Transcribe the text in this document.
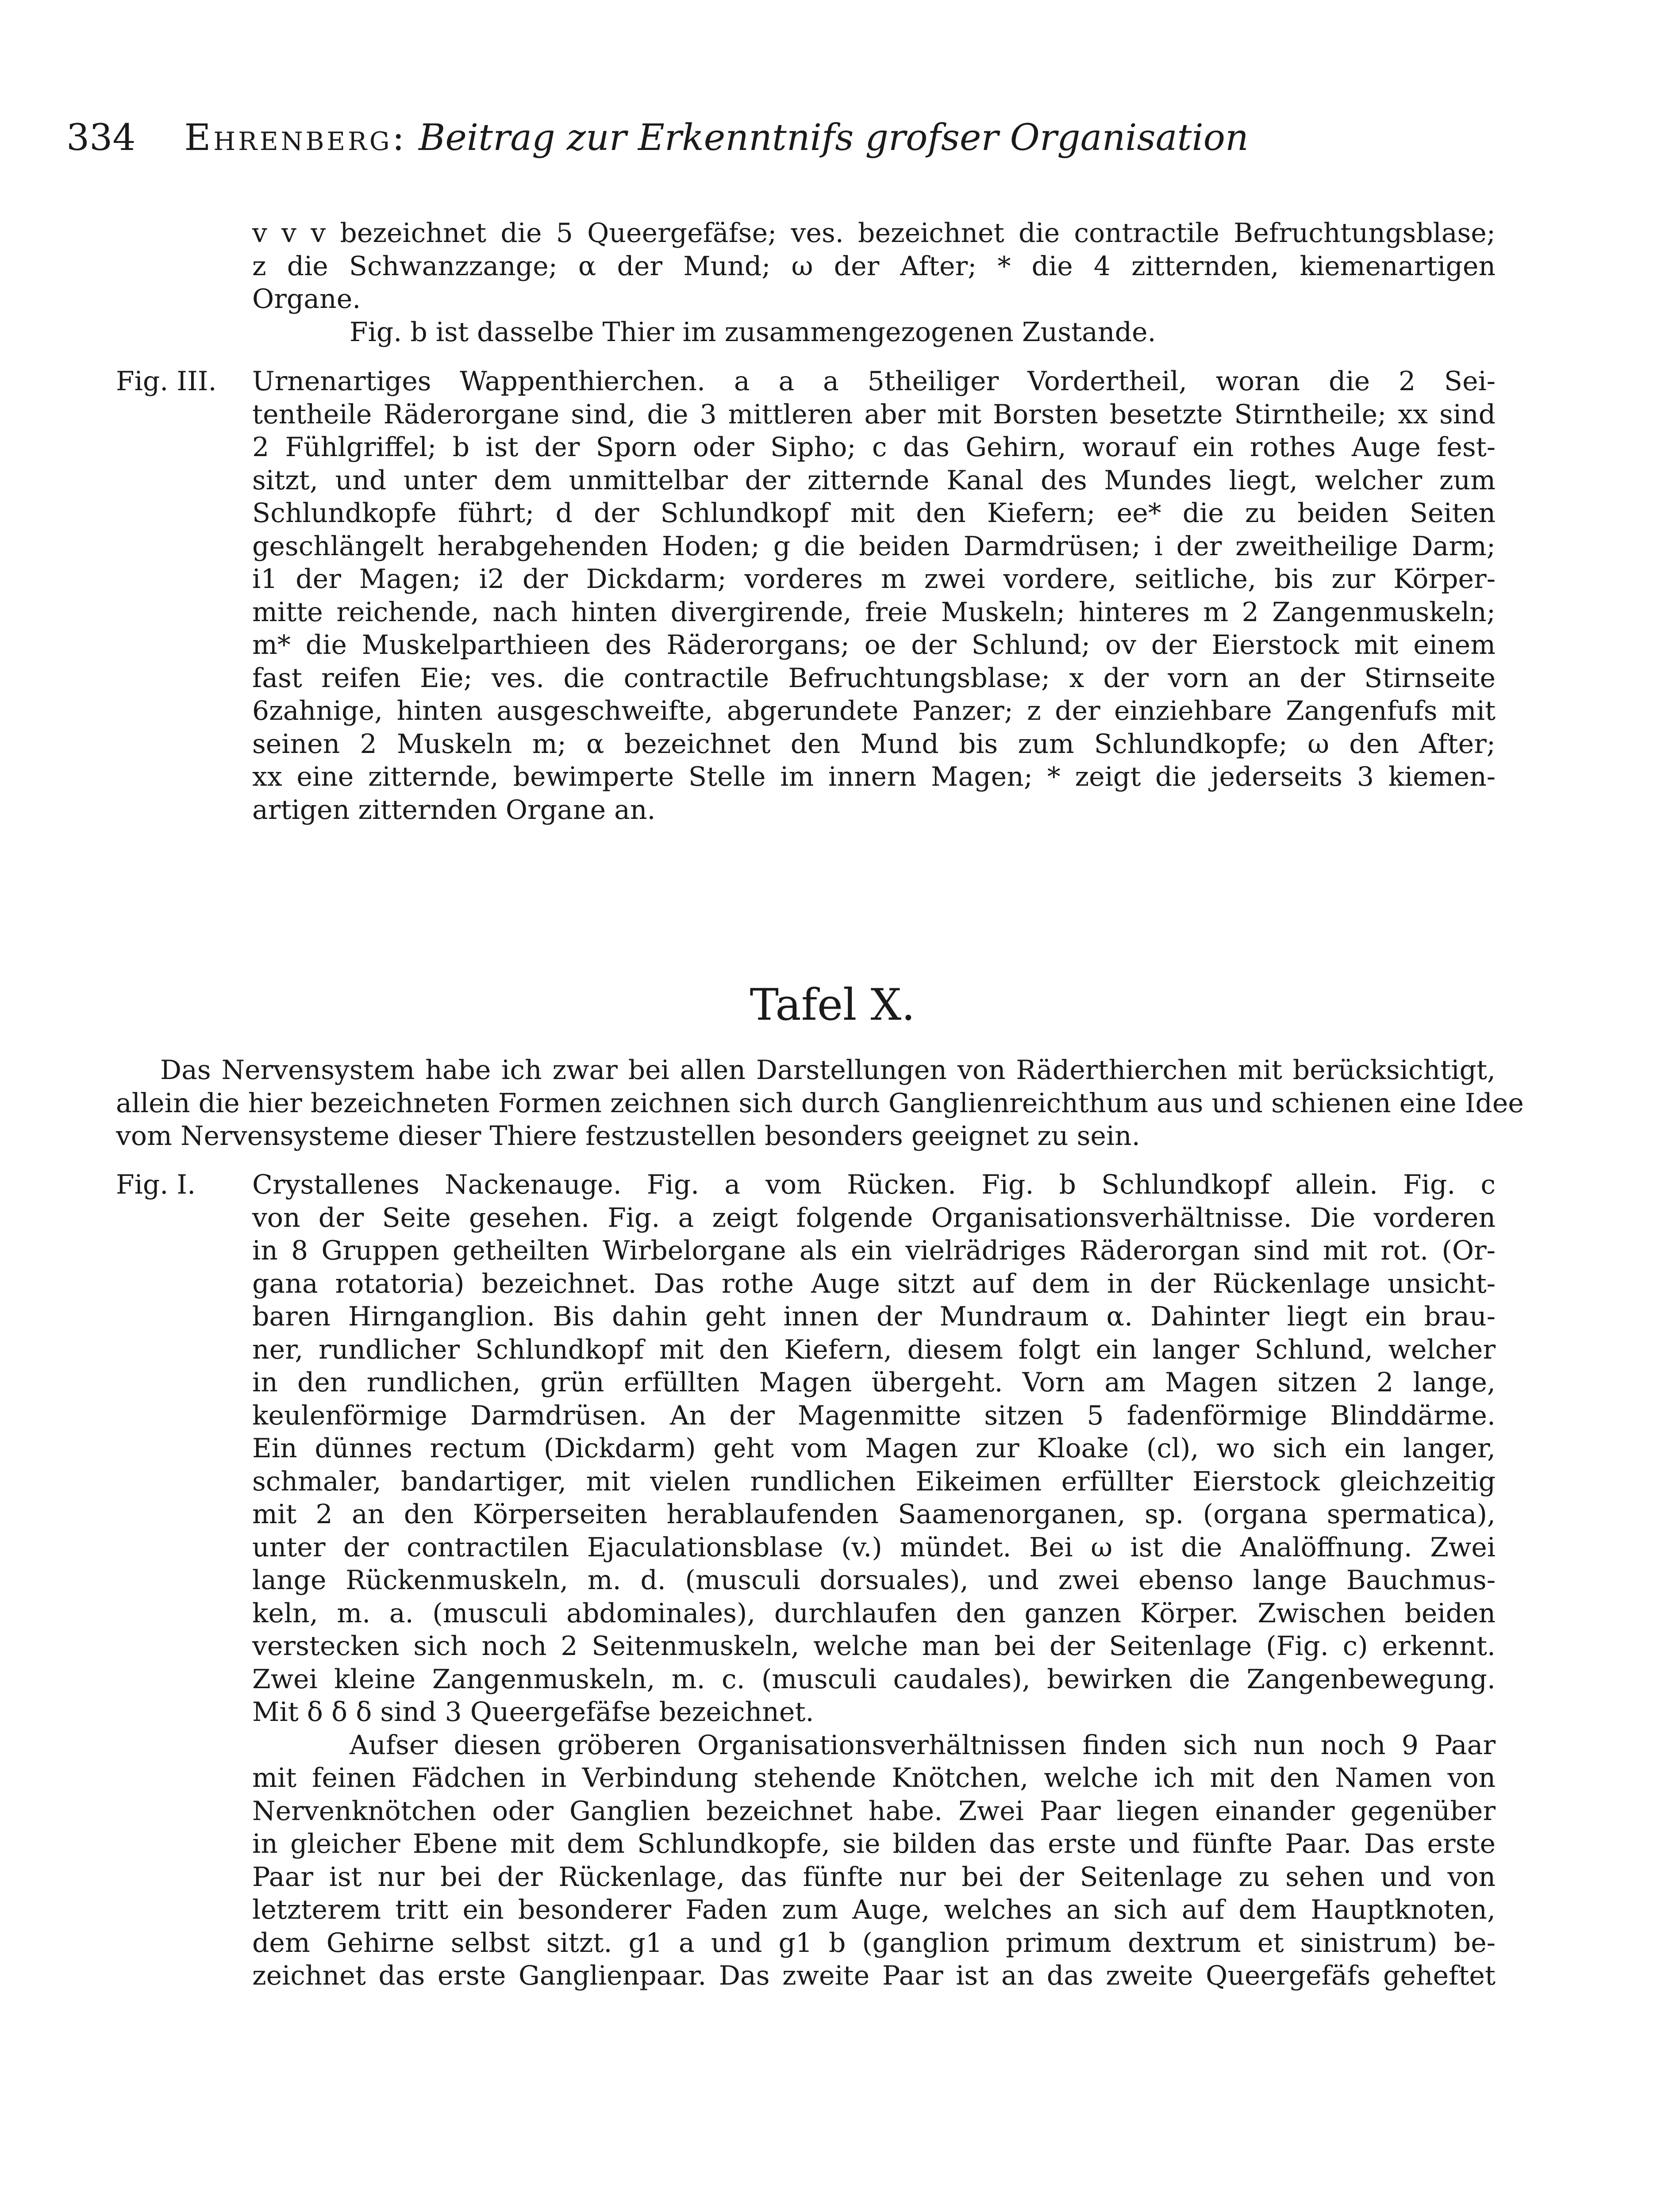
334 Ehrenberg: Beitrag zur Erkenntnifs grofser Organisation
v v v bezeichnet die 5 Queergefäfse; ves. bezeichnet die contractile Befruchtungsblase;
z die Schwanzzange; α der Mund; ω der After; * die 4 zitternden, kiemenartigen
Organe.
Fig. b ist dasselbe Thier im zusammengezogenen Zustande.
Fig. III. Urnenartiges Wappenthierchen. a a a 5theiliger Vordertheil, woran die 2 Sei-
tentheile Räderorgane sind, die 3 mittleren aber mit Borsten besetzte Stirntheile; xx sind
2 Fühlgriffel; b ist der Sporn oder Sipho; c das Gehirn, worauf ein rothes Auge fest-
sitzt, und unter dem unmittelbar der zitternde Kanal des Mundes liegt, welcher zum
Schlundkopfe führt; d der Schlundkopf mit den Kiefern; ee* die zu beiden Seiten
geschlängelt herabgehenden Hoden; g die beiden Darmdrüsen; i der zweitheilige Darm;
i1 der Magen; i2 der Dickdarm; vorderes m zwei vordere, seitliche, bis zur Körper-
mitte reichende, nach hinten divergirende, freie Muskeln; hinteres m 2 Zangenmuskeln;
m* die Muskelparthieen des Räderorgans; oe der Schlund; ov der Eierstock mit einem
fast reifen Eie; ves. die contractile Befruchtungsblase; x der vorn an der Stirnseite
6zahnige, hinten ausgeschweifte, abgerundete Panzer; z der einziehbare Zangenfufs mit
seinen 2 Muskeln m; α bezeichnet den Mund bis zum Schlundkopfe; ω den After;
xx eine zitternde, bewimperte Stelle im innern Magen; * zeigt die jederseits 3 kiemen-
artigen zitternden Organe an.
Tafel X.
Das Nervensystem habe ich zwar bei allen Darstellungen von Räderthierchen mit berücksichtigt,
allein die hier bezeichneten Formen zeichnen sich durch Ganglienreichthum aus und schienen eine Idee
vom Nervensysteme dieser Thiere festzustellen besonders geeignet zu sein.
Fig. I. Crystallenes Nackenauge. Fig. a vom Rücken. Fig. b Schlundkopf allein. Fig. c
von der Seite gesehen. Fig. a zeigt folgende Organisationsverhältnisse. Die vorderen
in 8 Gruppen getheilten Wirbelorgane als ein vielrädriges Räderorgan sind mit rot. (Or-
gana rotatoria) bezeichnet. Das rothe Auge sitzt auf dem in der Rückenlage unsicht-
baren Hirnganglion. Bis dahin geht innen der Mundraum α. Dahinter liegt ein brau-
ner, rundlicher Schlundkopf mit den Kiefern, diesem folgt ein langer Schlund, welcher
in den rundlichen, grün erfüllten Magen übergeht. Vorn am Magen sitzen 2 lange,
keulenförmige Darmdrüsen. An der Magenmitte sitzen 5 fadenförmige Blinddärme.
Ein dünnes rectum (Dickdarm) geht vom Magen zur Kloake (cl), wo sich ein langer,
schmaler, bandartiger, mit vielen rundlichen Eikeimen erfüllter Eierstock gleichzeitig
mit 2 an den Körperseiten herablaufenden Saamenorganen, sp. (organa spermatica),
unter der contractilen Ejaculationsblase (v.) mündet. Bei ω ist die Analöffnung. Zwei
lange Rückenmuskeln, m. d. (musculi dorsuales), und zwei ebenso lange Bauchmus-
keln, m. a. (musculi abdominales), durchlaufen den ganzen Körper. Zwischen beiden
verstecken sich noch 2 Seitenmuskeln, welche man bei der Seitenlage (Fig. c) erkennt.
Zwei kleine Zangenmuskeln, m. c. (musculi caudales), bewirken die Zangenbewegung.
Mit δ δ δ sind 3 Queergefäfse bezeichnet.
Aufser diesen gröberen Organisationsverhältnissen finden sich nun noch 9 Paar
mit feinen Fädchen in Verbindung stehende Knötchen, welche ich mit den Namen von
Nervenknötchen oder Ganglien bezeichnet habe. Zwei Paar liegen einander gegenüber
in gleicher Ebene mit dem Schlundkopfe, sie bilden das erste und fünfte Paar. Das erste
Paar ist nur bei der Rückenlage, das fünfte nur bei der Seitenlage zu sehen und von
letzterem tritt ein besonderer Faden zum Auge, welches an sich auf dem Hauptknoten,
dem Gehirne selbst sitzt. g1 a und g1 b (ganglion primum dextrum et sinistrum) be-
zeichnet das erste Ganglienpaar. Das zweite Paar ist an das zweite Queergefäfs geheftet
